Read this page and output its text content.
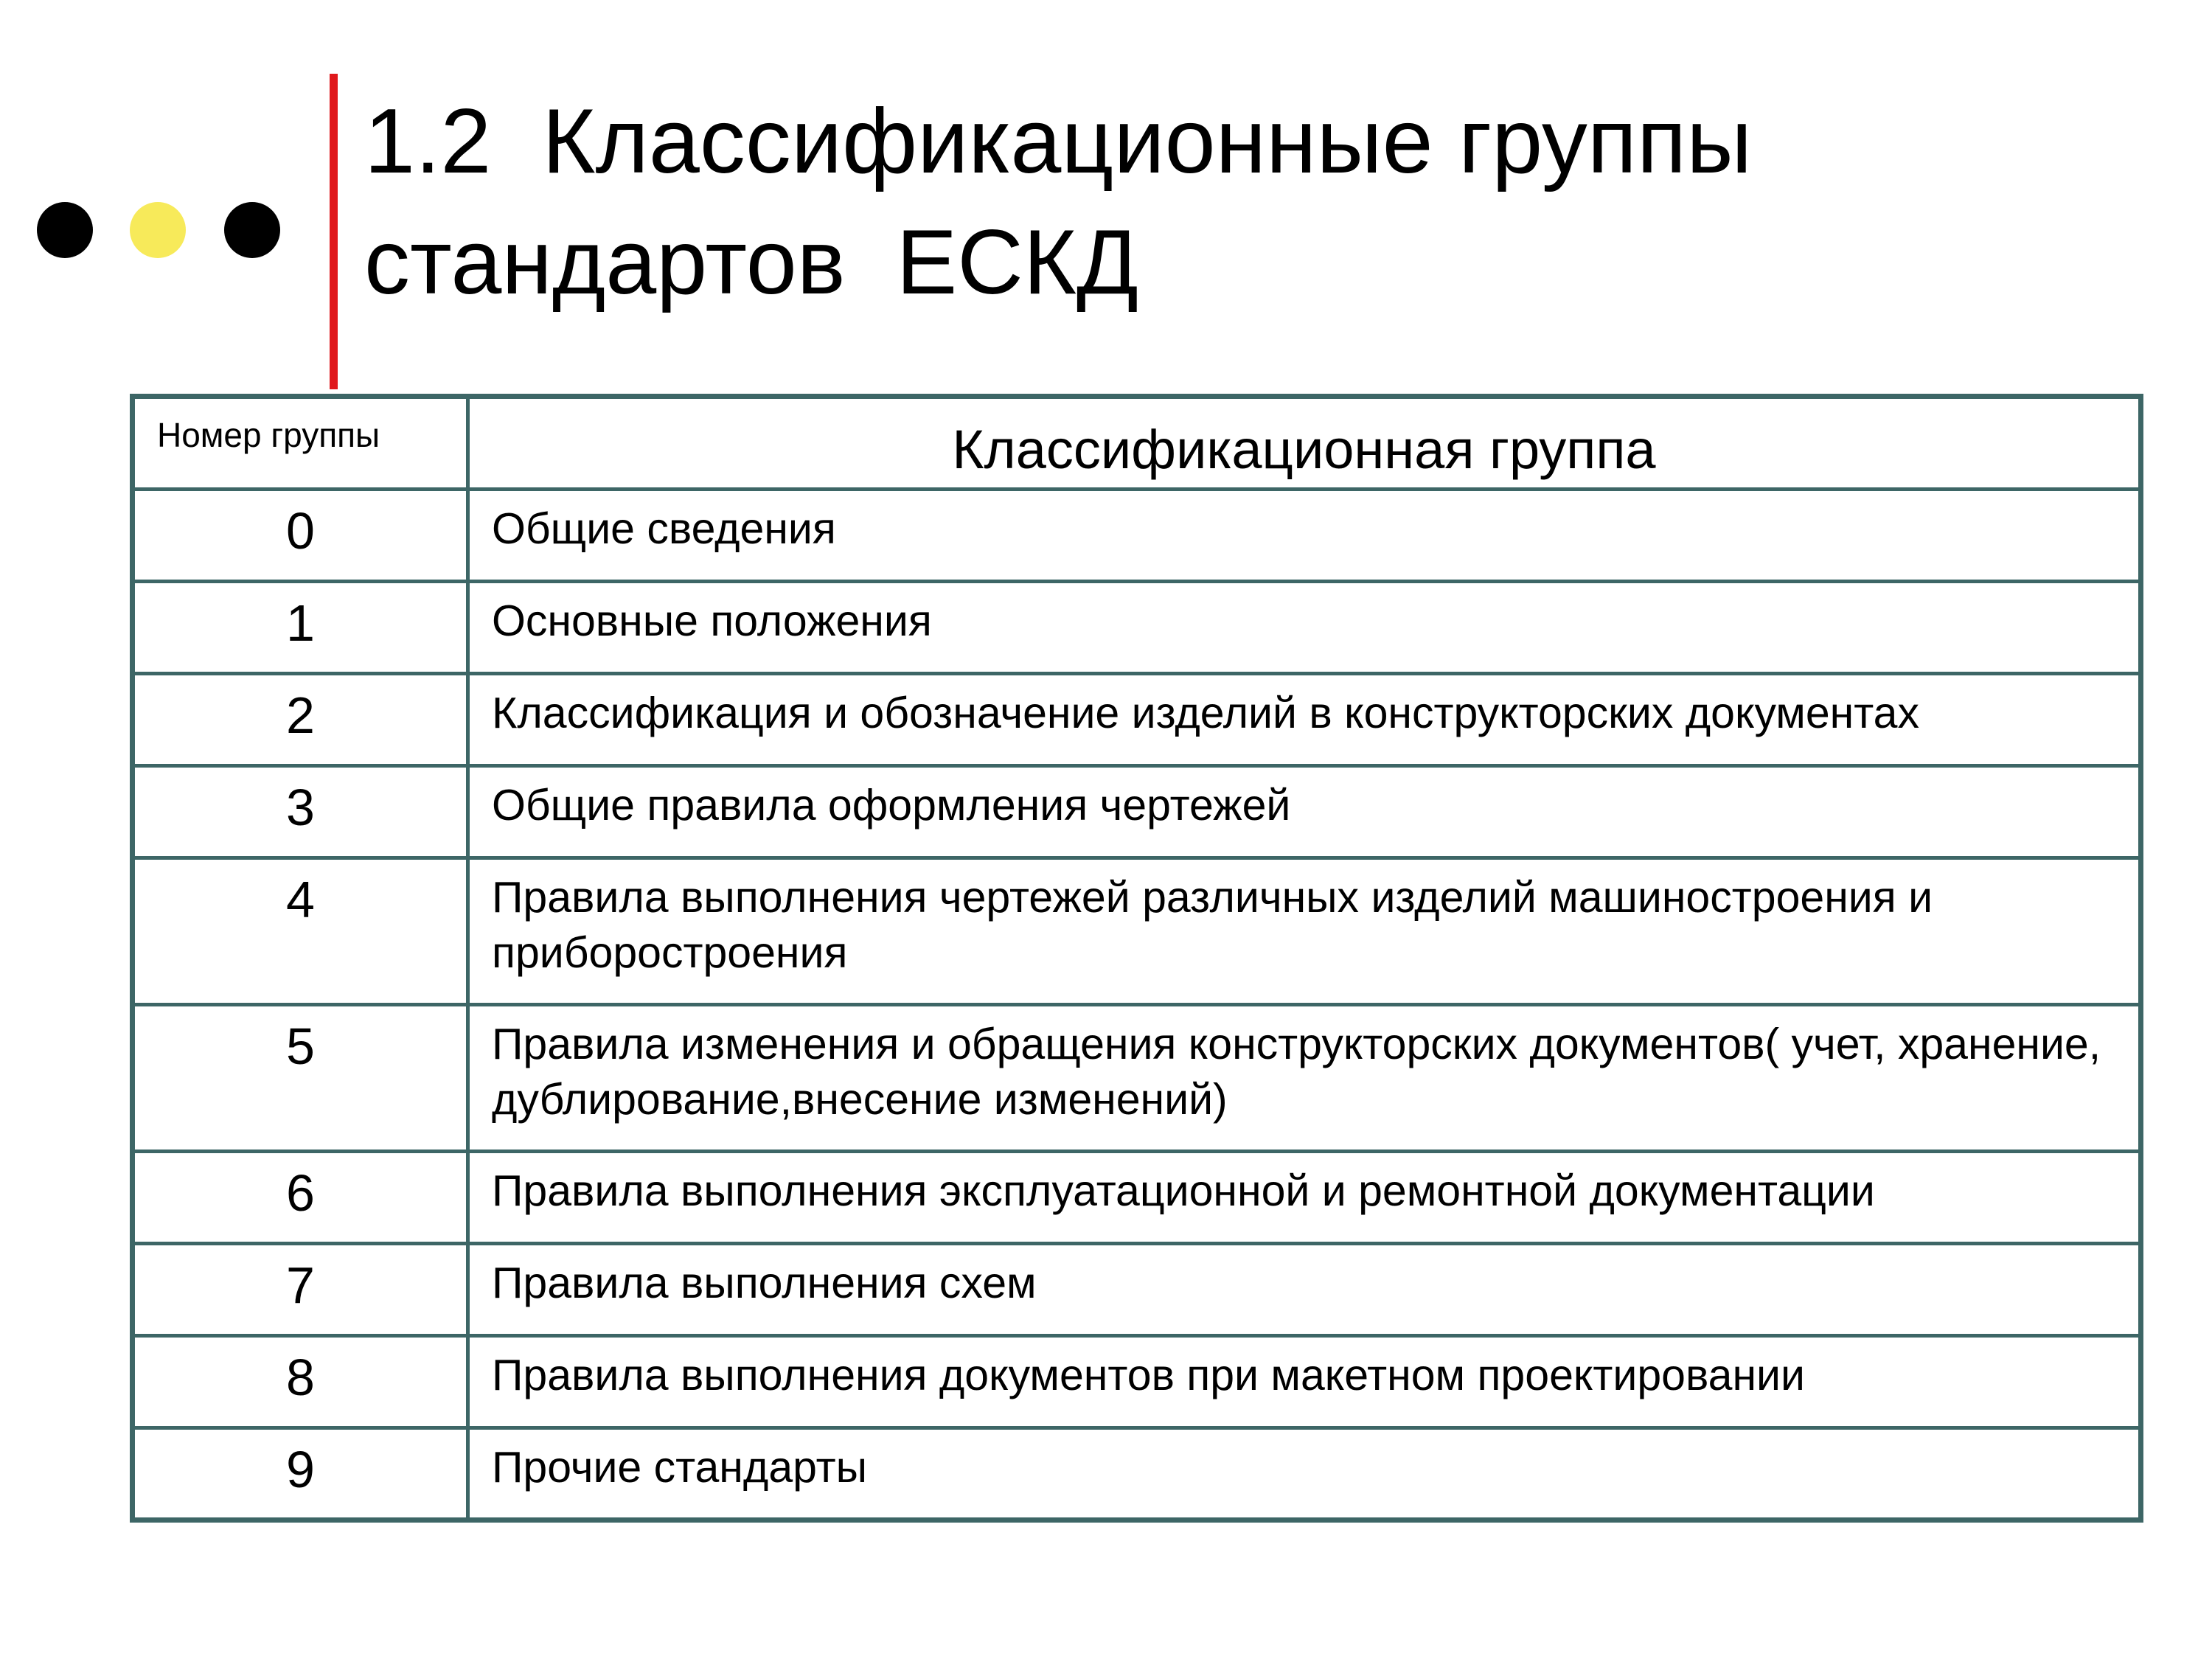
1.2  Классификационные группы
стандартов  ЕСКД
Номер группы	Классификационная группа
0	Общие сведения
1	Основные положения
2	Классификация и обозначение изделий в конструкторских документах
3	Общие правила оформления чертежей
4	Правила выполнения чертежей различных изделий машиностроения и приборостроения
5	Правила изменения и обращения конструкторских документов( учет, хранение, дублирование,внесение изменений)
6	Правила выполнения эксплуатационной и ремонтной документации
7	Правила выполнения схем
8	Правила выполнения документов при макетном проектировании
9	Прочие стандарты
